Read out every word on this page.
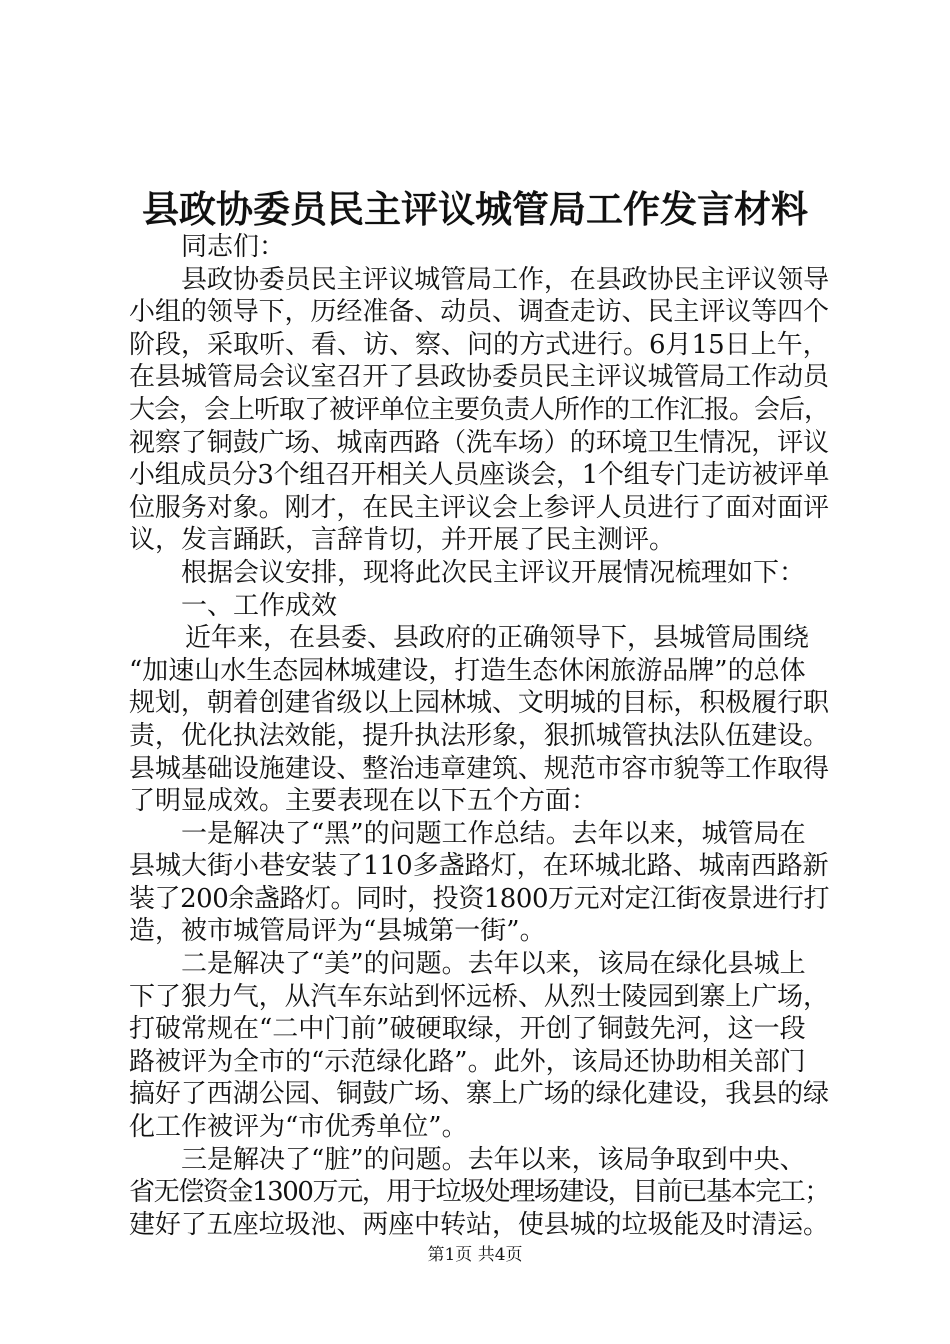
县政协委员民主评议城管局工作发言材料
同志们：
县政协委员民主评议城管局工作，在县政协民主评议领导
小组的领导下，历经准备、动员、调查走访、民主评议等四个
阶段，采取听、看、访、察、问的方式进行。6月15日上午，
在县城管局会议室召开了县政协委员民主评议城管局工作动员
大会，会上听取了被评单位主要负责人所作的工作汇报。会后，
视察了铜鼓广场、城南西路（洗车场）的环境卫生情况，评议
小组成员分3个组召开相关人员座谈会，1个组专门走访被评单
位服务对象。刚才，在民主评议会上参评人员进行了面对面评
议，发言踊跃，言辞肯切，并开展了民主测评。
根据会议安排，现将此次民主评议开展情况梳理如下：
一、工作成效
近年来，在县委、县政府的正确领导下，县城管局围绕
“加速山水生态园林城建设，打造生态休闲旅游品牌”的总体
规划，朝着创建省级以上园林城、文明城的目标，积极履行职
责，优化执法效能，提升执法形象，狠抓城管执法队伍建设。
县城基础设施建设、整治违章建筑、规范市容市貌等工作取得
了明显成效。主要表现在以下五个方面：
一是解决了“黑”的问题工作总结。去年以来，城管局在
县城大街小巷安装了110多盏路灯，在环城北路、城南西路新
装了200余盏路灯。同时，投资1800万元对定江街夜景进行打
造，被市城管局评为“县城第一街”。
二是解决了“美”的问题。去年以来，该局在绿化县城上
下了狠力气，从汽车东站到怀远桥、从烈士陵园到寨上广场，
打破常规在“二中门前”破硬取绿，开创了铜鼓先河，这一段
路被评为全市的“示范绿化路”。此外，该局还协助相关部门
搞好了西湖公园、铜鼓广场、寨上广场的绿化建设，我县的绿
化工作被评为“市优秀单位”。
三是解决了“脏”的问题。去年以来，该局争取到中央、
省无偿资金1300万元，用于垃圾处理场建设，目前已基本完工；
建好了五座垃圾池、两座中转站，使县城的垃圾能及时清运。
第1页 共4页
